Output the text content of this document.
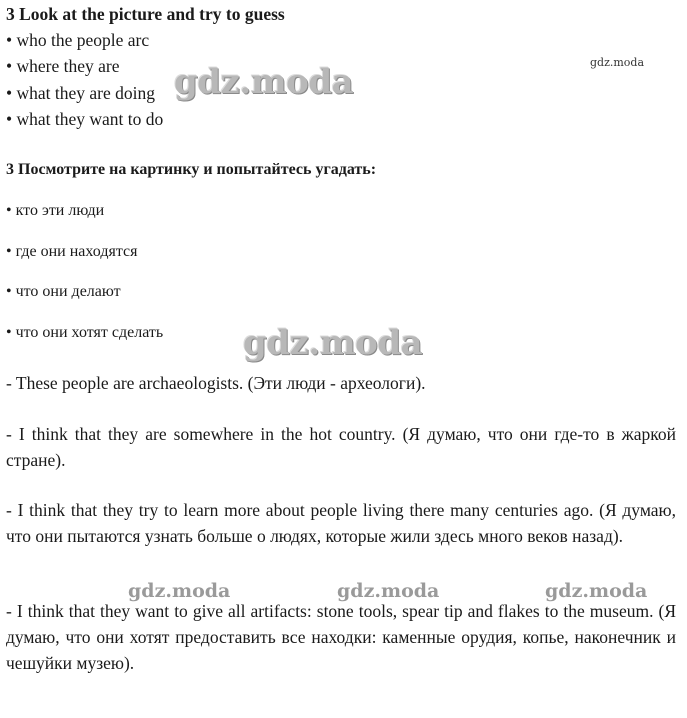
3 Look at the picture and try to guess
• who the people arc
• where they are
• what they are doing
• what they want to do
gdz.moda	gdz.moda
3 Посмотрите на картинку и попытайтесь угадать:
• кто эти люди
• где они находятся
• что они делают
• что они хотят сделать gdz.moda
- These people are archaeologists. (Эти люди - археологи).
- I think that they are somewhere in the hot country. (Я думаю, что они где-то в жаркой стране).
- I think that they try to learn more about people living there many centuries ago. (Я думаю, что они пытаются узнать больше о людях, которые жили здесь много веков назад).
gdz.moda	gdz.moda	gdz.moda
- I think that they want to give all artifacts: stone tools, spear tip and flakes to the museum. (Я думаю, что они хотят предоставить все находки: каменные орудия, копье, наконечник и чешуйки музею).
